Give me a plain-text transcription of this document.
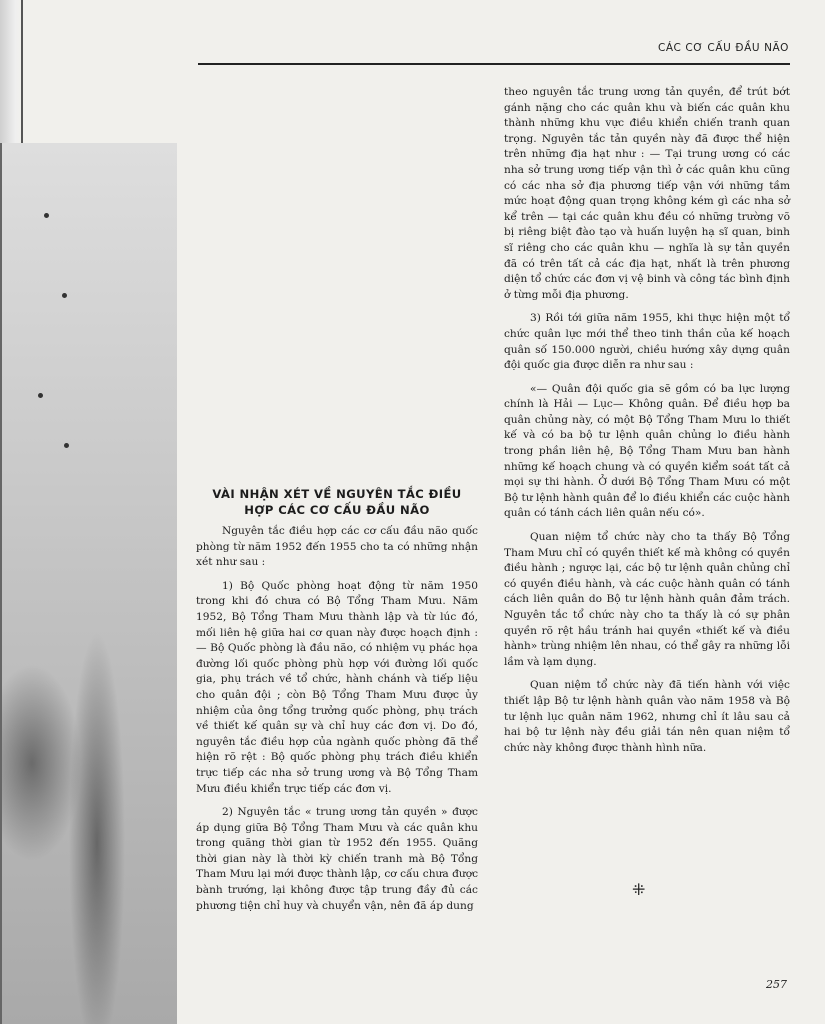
CÁC CƠ CẤU ĐẦU NÃO

theo nguyên tắc trung ương tản quyền, để trút bớt gánh nặng cho các quân khu và biến các quân khu thành những khu vực điều khiển chiến tranh quan trọng. Nguyên tắc tản quyền này đã được thể hiện trên những địa hạt như : — Tại trung ương có các nha sở trung ương tiếp vận thì ở các quân khu cũng có các nha sở địa phương tiếp vận với những tầm mức hoạt động quan trọng không kém gì các nha sở kể trên — tại các quân khu đều có những trường võ bị riêng biệt đào tạo và huấn luyện hạ sĩ quan, binh sĩ riêng cho các quân khu — nghĩa là sự tản quyền đã có trên tất cả các địa hạt, nhất là trên phương diện tổ chức các đơn vị vệ binh và công tác bình định ở từng mỗi địa phương.

3) Rồi tới giữa năm 1955, khi thực hiện một tổ chức quân lực mới thể theo tinh thần của kế hoạch quân số 150.000 người, chiều hướng xây dựng quân đội quốc gia được diễn ra như sau :

«— Quân đội quốc gia sẽ gồm có ba lực lượng chính là Hải — Lục— Không quân. Để điều hợp ba quân chủng này, có một Bộ Tổng Tham Mưu lo thiết kế và có ba bộ tư lệnh quân chủng lo điều hành trong phần liên hệ, Bộ Tổng Tham Mưu ban hành những kế hoạch chung và có quyền kiểm soát tất cả mọi sự thi hành. Ở dưới Bộ Tổng Tham Mưu có một Bộ tư lệnh hành quân để lo điều khiển các cuộc hành quân có tánh cách liên quân nếu có».

Quan niệm tổ chức này cho ta thấy Bộ Tổng Tham Mưu chỉ có quyền thiết kế mà không có quyền điều hành ; ngược lại, các bộ tư lệnh quân chủng chỉ có quyền điều hành, và các cuộc hành quân có tánh cách liên quân do Bộ tư lệnh hành quân đảm trách. Nguyên tắc tổ chức này cho ta thấy là có sự phân quyền rõ rệt hầu tránh hai quyền «thiết kế và điều hành» trùng nhiệm lên nhau, có thể gây ra những lỗi lầm và lạm dụng.

Quan niệm tổ chức này đã tiến hành với việc thiết lập Bộ tư lệnh hành quân vào năm 1958 và Bộ tư lệnh lục quân năm 1962, nhưng chỉ ít lâu sau cả hai bộ tư lệnh này đều giải tán nên quan niệm tổ chức này không được thành hình nữa.

VÀI NHẬN XÉT VỀ NGUYÊN TẮC ĐIỀU HỢP CÁC CƠ CẤU ĐẦU NÃO

Nguyên tắc điều hợp các cơ cấu đầu não quốc phòng từ năm 1952 đến 1955 cho ta có những nhận xét như sau :

1) Bộ Quốc phòng hoạt động từ năm 1950 trong khi đó chưa có Bộ Tổng Tham Mưu. Năm 1952, Bộ Tổng Tham Mưu thành lập và từ lúc đó, mối liên hệ giữa hai cơ quan này được hoạch định : — Bộ Quốc phòng là đầu não, có nhiệm vụ phác họa đường lối quốc phòng phù hợp với đường lối quốc gia, phụ trách về tổ chức, hành chánh và tiếp liệu cho quân đội ; còn Bộ Tổng Tham Mưu được ủy nhiệm của ông tổng trưởng quốc phòng, phụ trách về thiết kế quân sự và chỉ huy các đơn vị. Do đó, nguyên tắc điều hợp của ngành quốc phòng đã thể hiện rõ rệt : Bộ quốc phòng phụ trách điều khiển trực tiếp các nha sở trung ương và Bộ Tổng Tham Mưu điều khiển trực tiếp các đơn vị.

2) Nguyên tắc « trung ương tản quyền » được áp dụng giữa Bộ Tổng Tham Mưu và các quân khu trong quãng thời gian từ 1952 đến 1955. Quãng thời gian này là thời kỳ chiến tranh mà Bộ Tổng Tham Mưu lại mới được thành lập, cơ cấu chưa được bành trướng, lại không được tập trung đầy đủ các phương tiện chỉ huy và chuyển vận, nên đã áp dung

⁜
257
